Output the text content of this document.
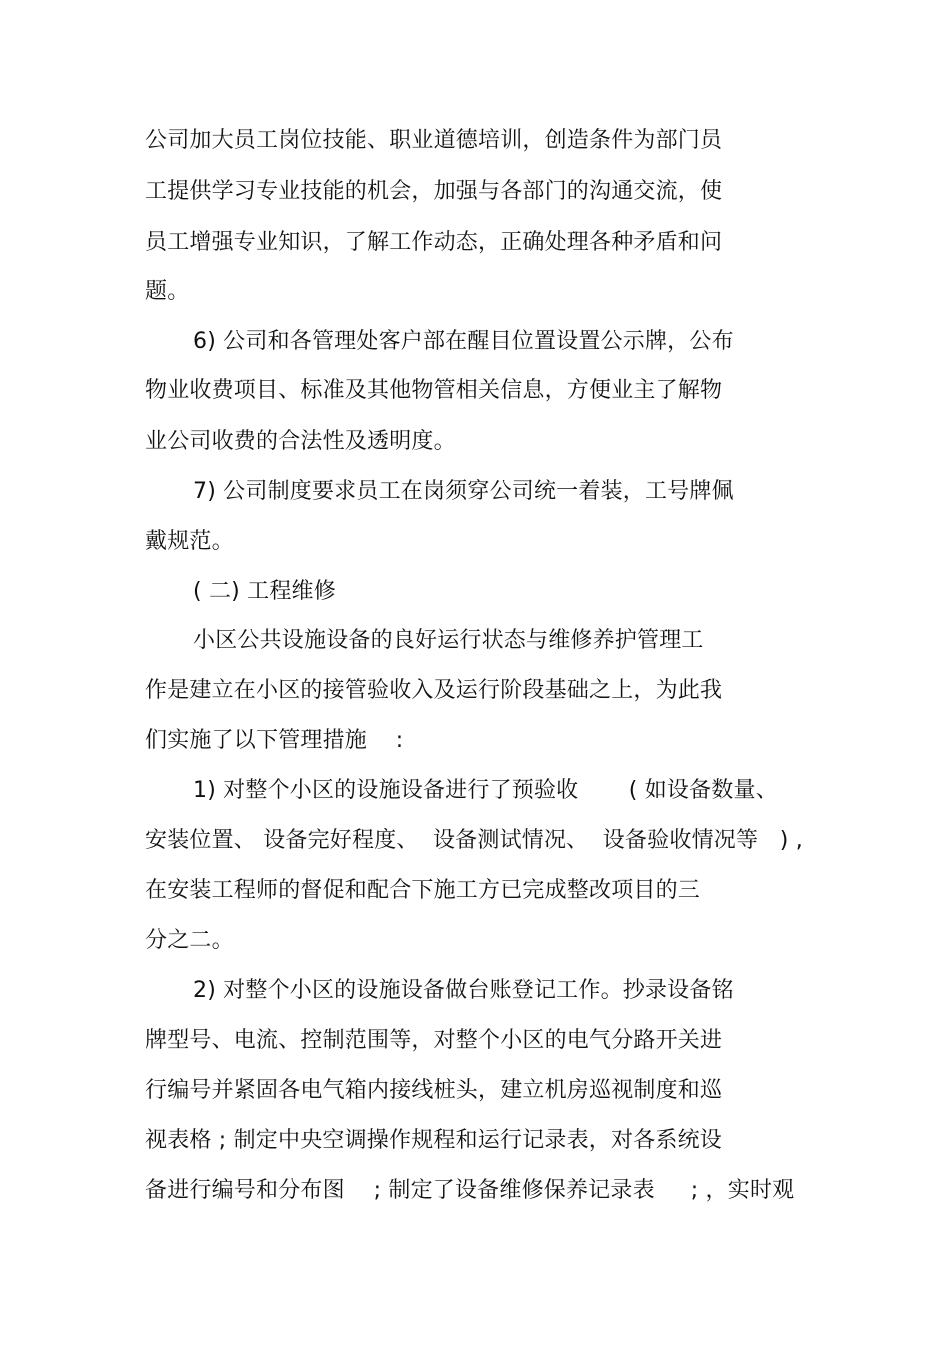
公司加大员工岗位技能、职业道德培训，创造条件为部门员
工提供学习专业技能的机会，加强与各部门的沟通交流，使
员工增强专业知识，了解工作动态，正确处理各种矛盾和问
题。
6) 公司和各管理处客户部在醒目位置设置公示牌，公布
物业收费项目、标准及其他物管相关信息，方便业主了解物
业公司收费的合法性及透明度。
7) 公司制度要求员工在岗须穿公司统一着装，工号牌佩
戴规范。
( 二) 工程维修
小区公共设施设备的良好运行状态与维修养护管理工
作是建立在小区的接管验收入及运行阶段基础之上，为此我
们实施了以下管理措施    :
1) 对整个小区的设施设备进行了预验收       ( 如设备数量、
安装位置、 设备完好程度、  设备测试情况、  设备验收情况等   ) ,
在安装工程师的督促和配合下施工方已完成整改项目的三
分之二。
2) 对整个小区的设施设备做台账登记工作。抄录设备铭
牌型号、电流、控制范围等，对整个小区的电气分路开关进
行编号并紧固各电气箱内接线桩头，建立机房巡视制度和巡
视表格 ; 制定中央空调操作规程和运行记录表，对各系统设
备进行编号和分布图    ; 制定了设备维修保养记录表     ; ，实时观
